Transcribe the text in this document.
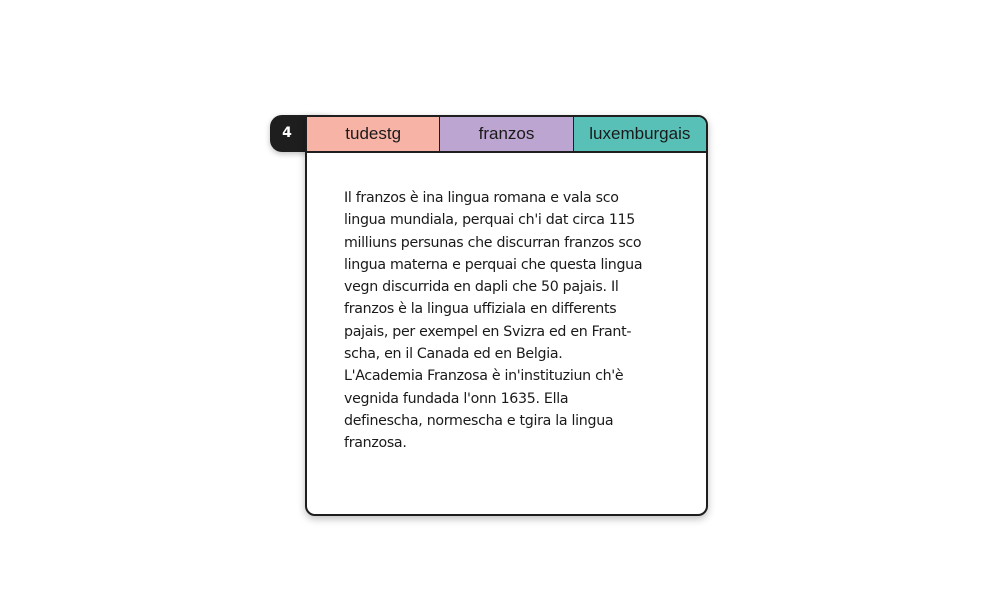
4	tudestg	franzos	luxemburgais
Il franzos è ina lingua romana e vala sco lingua mundiala, perquai ch'i dat circa 115 milliuns persunas che discurran franzos sco lingua materna e perquai che questa lingua vegn discurrida en dapli che 50 pajais. Il franzos è la lingua uffiziala en differents pajais, per exempel en Svizra ed en Frant-scha, en il Canada ed en Belgia. L'Academia Franzosa è in'instituziun ch'è vegnida fundada l'onn 1635. Ella definescha, normescha e tgira la lingua franzosa.
